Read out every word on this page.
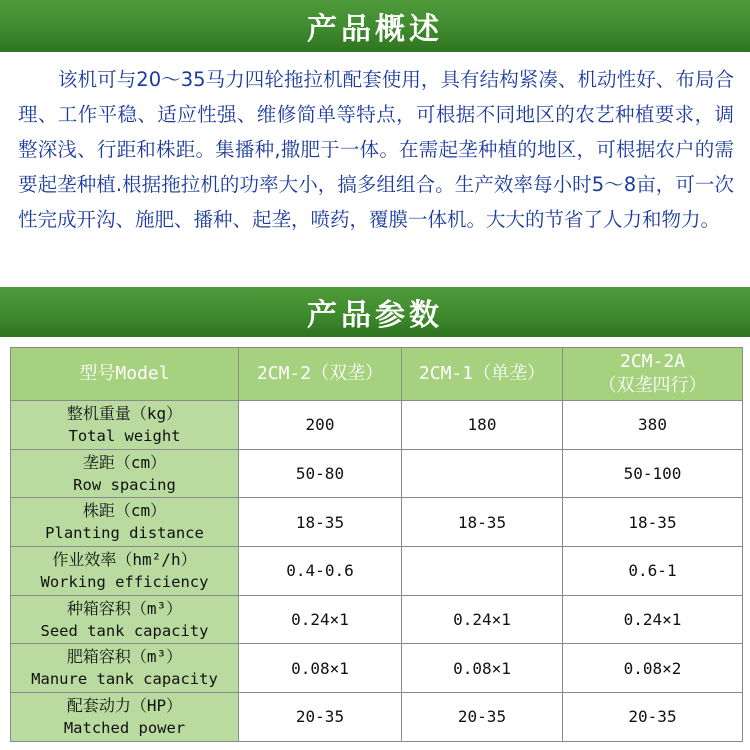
产品概述

该机可与20～35马力四轮拖拉机配套使用，具有结构紧凑、机动性好、布局合理、工作平稳、适应性强、维修简单等特点，可根据不同地区的农艺种植要求，调整深浅、行距和株距。集播种,撒肥于一体。在需起垄种植的地区，可根据农户的需要起垄种植.根据拖拉机的功率大小，搞多组组合。生产效率每小时5～8亩，可一次性完成开沟、施肥、播种、起垄，喷药，覆膜一体机。大大的节省了人力和物力。

产品参数
型号Model	2CM-2（双垄）	2CM-1（单垄）	2CM-2A
（双垄四行）

整机重量（kg）
Total weight	200	180	380

垄距（cm）
Row spacing	50-80		50-100

株距（cm）
Planting distance	18-35	18-35	18-35

作业效率（hm²/h）
Working efficiency	0.4-0.6		0.6-1

种箱容积（m³）
Seed tank capacity	0.24×1	0.24×1	0.24×1

肥箱容积（m³）
Manure tank capacity	0.08×1	0.08×1	0.08×2

配套动力（HP）
Matched power	20-35	20-35	20-35
